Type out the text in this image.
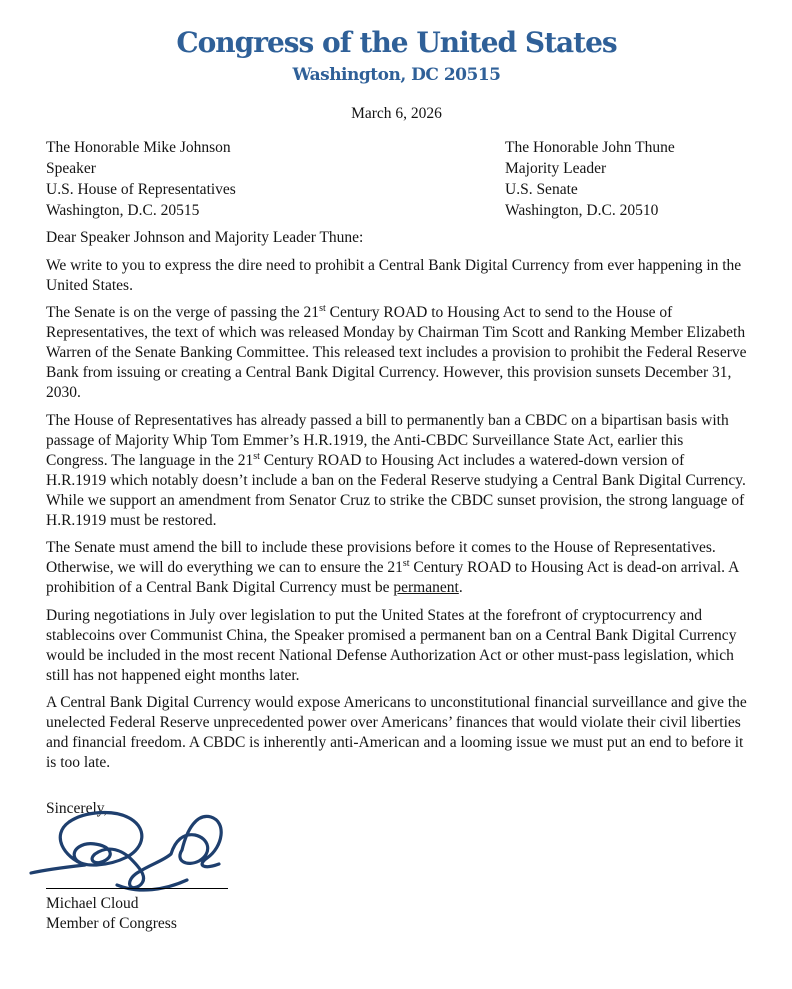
Congress of the United States
Washington, DC 20515
March 6, 2026
The Honorable Mike Johnson
Speaker
U.S. House of Representatives
Washington, D.C. 20515
The Honorable John Thune
Majority Leader
U.S. Senate
Washington, D.C. 20510
Dear Speaker Johnson and Majority Leader Thune:

We write to you to express the dire need to prohibit a Central Bank Digital Currency from ever happening in the United States.

The Senate is on the verge of passing the 21st Century ROAD to Housing Act to send to the House of Representatives, the text of which was released Monday by Chairman Tim Scott and Ranking Member Elizabeth Warren of the Senate Banking Committee. This released text includes a provision to prohibit the Federal Reserve Bank from issuing or creating a Central Bank Digital Currency. However, this provision sunsets December 31, 2030.

The House of Representatives has already passed a bill to permanently ban a CBDC on a bipartisan basis with passage of Majority Whip Tom Emmer’s H.R.1919, the Anti-CBDC Surveillance State Act, earlier this Congress. The language in the 21st Century ROAD to Housing Act includes a watered-down version of H.R.1919 which notably doesn’t include a ban on the Federal Reserve studying a Central Bank Digital Currency. While we support an amendment from Senator Cruz to strike the CBDC sunset provision, the strong language of H.R.1919 must be restored.

The Senate must amend the bill to include these provisions before it comes to the House of Representatives. Otherwise, we will do everything we can to ensure the 21st Century ROAD to Housing Act is dead-on arrival. A prohibition of a Central Bank Digital Currency must be permanent.

During negotiations in July over legislation to put the United States at the forefront of cryptocurrency and stablecoins over Communist China, the Speaker promised a permanent ban on a Central Bank Digital Currency would be included in the most recent National Defense Authorization Act or other must-pass legislation, which still has not happened eight months later.

A Central Bank Digital Currency would expose Americans to unconstitutional financial surveillance and give the unelected Federal Reserve unprecedented power over Americans’ finances that would violate their civil liberties and financial freedom. A CBDC is inherently anti-American and a looming issue we must put an end to before it is too late.

Sincerely,
Michael Cloud
Member of Congress
